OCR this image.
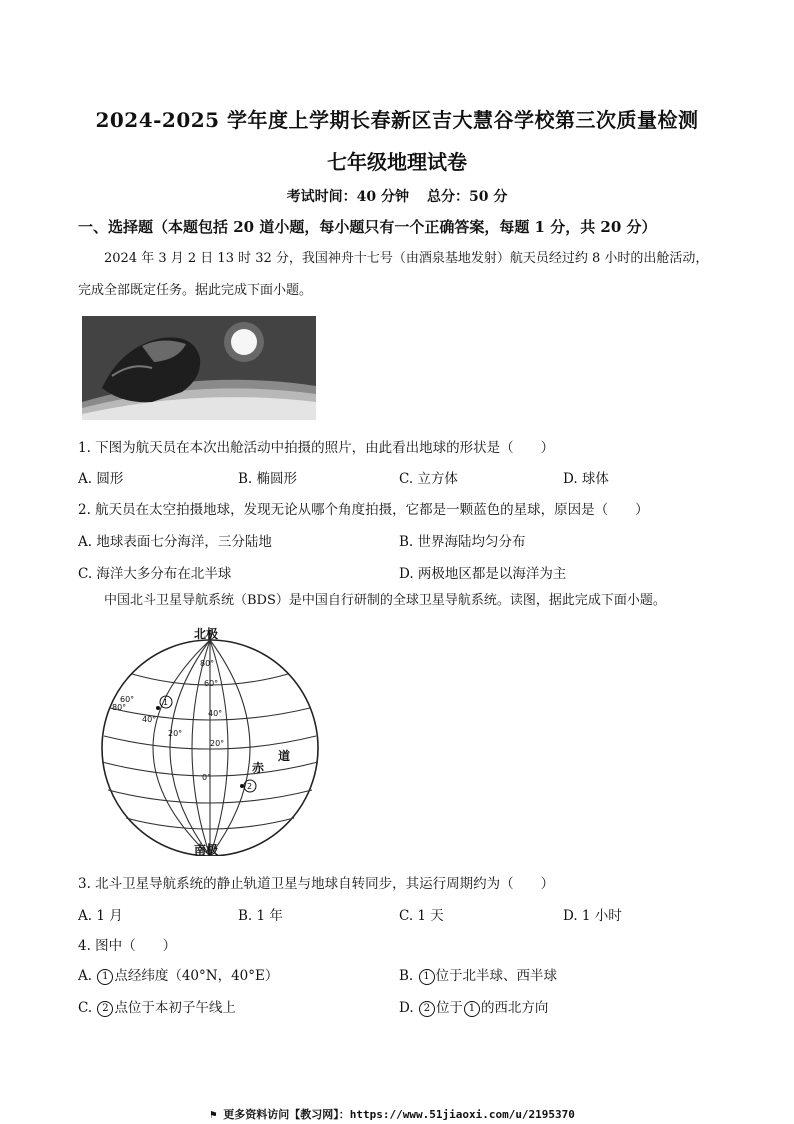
2024-2025 学年度上学期长春新区吉大慧谷学校第三次质量检测
七年级地理试卷
考试时间：40 分钟 总分：50 分
一、选择题（本题包括 20 道小题，每小题只有一个正确答案，每题 1 分，共 20 分）
2024 年 3 月 2 日 13 时 32 分，我国神舟十七号（由酒泉基地发射）航天员经过约 8 小时的出舱活动，
完成全部既定任务。据此完成下面小题。
1. 下图为航天员在本次出舱活动中拍摄的照片，由此看出地球的形状是（　　）
A. 圆形	B. 椭圆形	C. 立方体	D. 球体
2. 航天员在太空拍摄地球，发现无论从哪个角度拍摄，它都是一颗蓝色的星球，原因是（　　）
A. 地球表面七分海洋，三分陆地	B. 世界海陆均匀分布
C. 海洋大多分布在北半球	D. 两极地区都是以海洋为主
中国北斗卫星导航系统（BDS）是中国自行研制的全球卫星导航系统。读图，据此完成下面小题。
北极
南极
80°
60°
40°
20°
0°
80°
60°
40°
20°
1
2
赤
道
3. 北斗卫星导航系统的静止轨道卫星与地球自转同步，其运行周期约为（　　）
A. 1 月	B. 1 年	C. 1 天	D. 1 小时
4. 图中（　　）
A. 1 点经纬度（40°N，40°E）	B. 1 位于北半球、西半球
C. 2 点位于本初子午线上	D. 2 位于 1 的西北方向
⚑ 更多资料访问【教习网】：https://www.51jiaoxi.com/u/2195370
